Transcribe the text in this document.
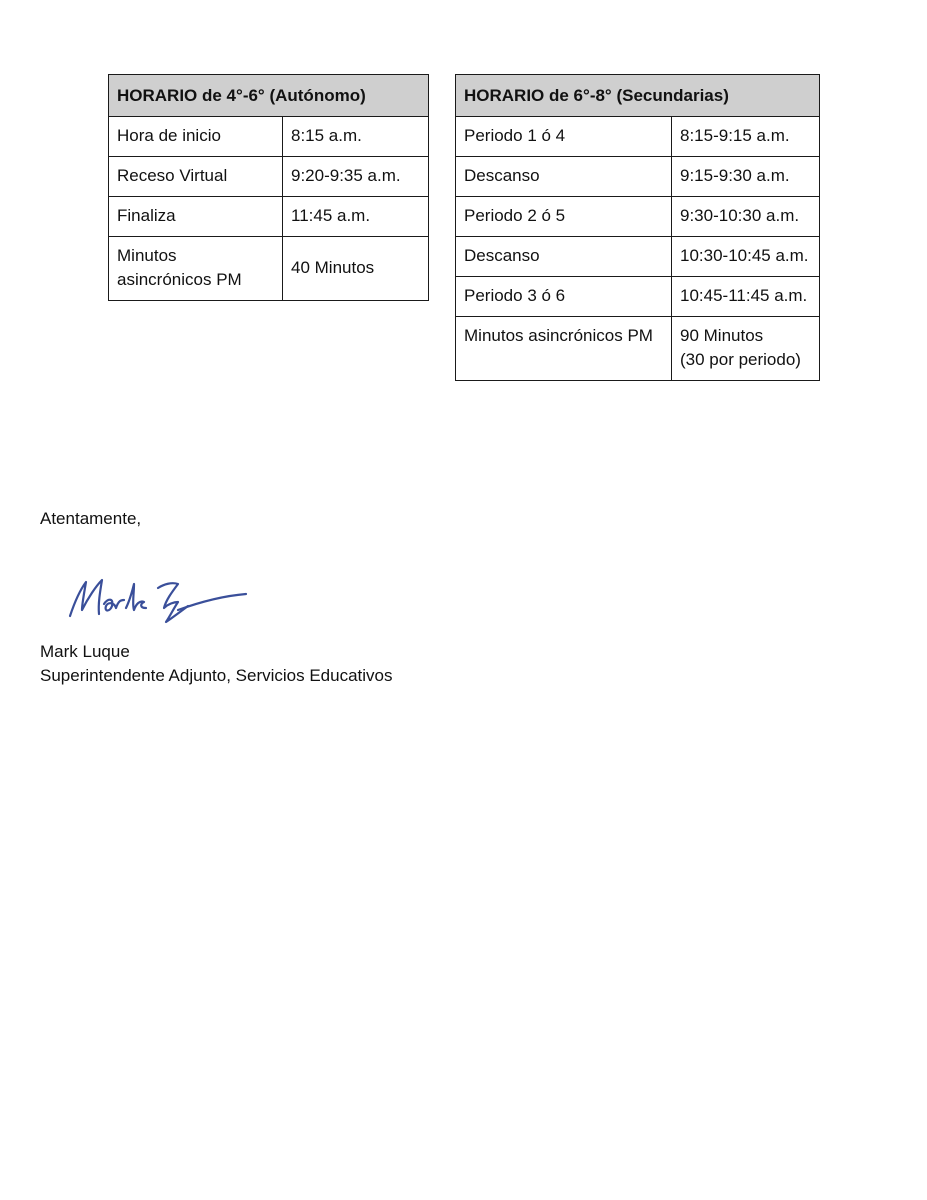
HORARIO de 4°-6° (Autónomo)	
Hora de inicio	8:15 a.m.
Receso Virtual	9:20-9:35 a.m.
Finaliza	11:45 a.m.
Minutos asincrónicos PM	40 Minutos
HORARIO de 6°-8° (Secundarias)	
Periodo 1 ó 4	8:15-9:15 a.m.
Descanso	9:15-9:30 a.m.
Periodo 2 ó 5	9:30-10:30 a.m.
Descanso	10:30-10:45 a.m.
Periodo 3 ó 6	10:45-11:45 a.m.
Minutos asincrónicos PM	90 Minutos
(30 por periodo)

Atentamente,

Mark Luque
Superintendente Adjunto, Servicios Educativos
